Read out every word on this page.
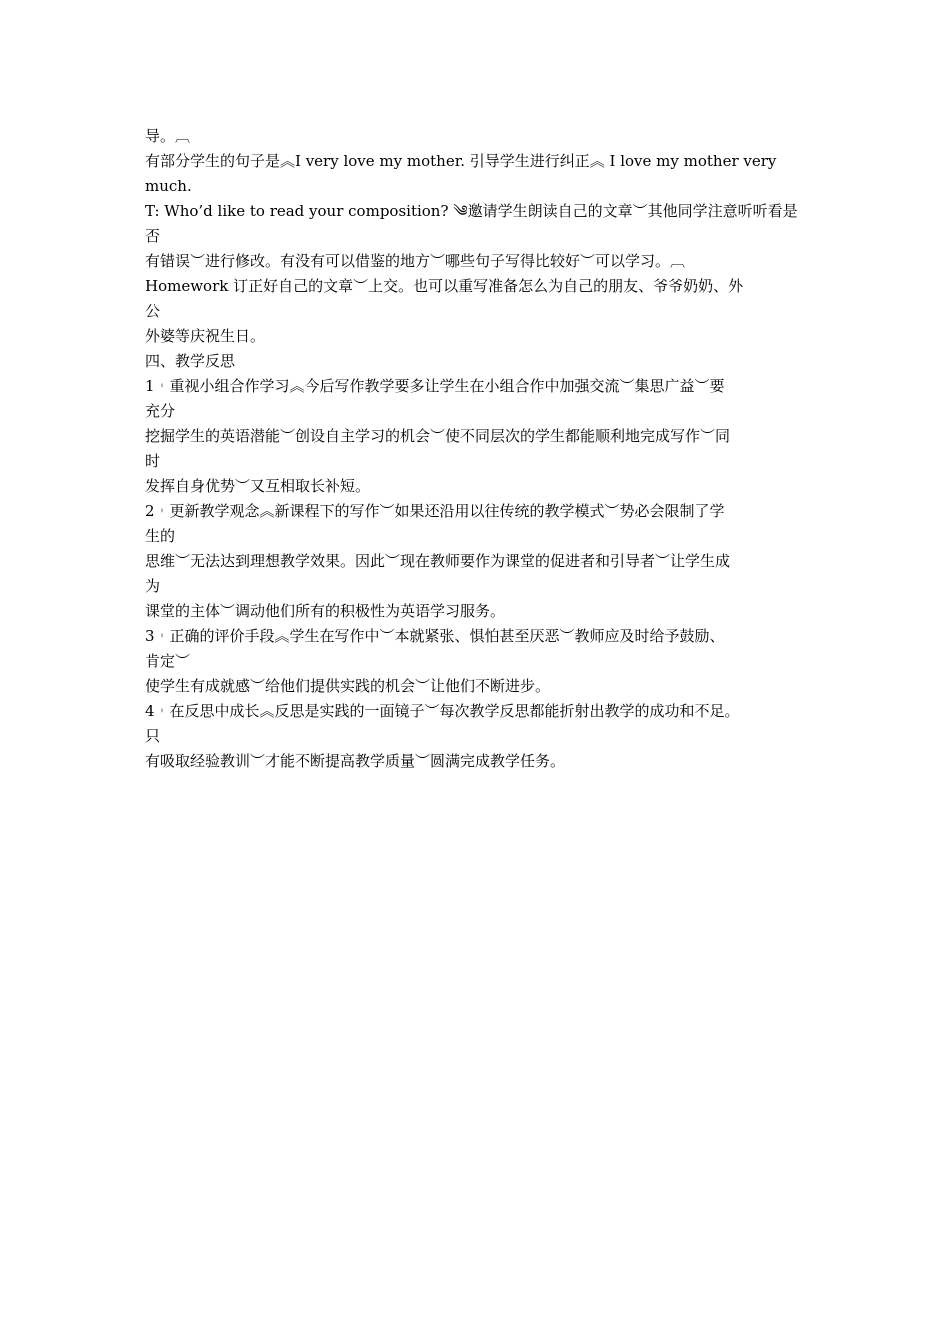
导。︹
有部分学生的句子是︽I very love my mother. 引导学生进行纠正︽ I love my mother very
much.
T: Who’d like to read your composition? ༄邀请学生朗读自己的文章︶其他同学注意听听看是
否
有错误︶进行修改。有没有可以借鉴的地方︶哪些句子写得比较好︶可以学习。︹
Homework 订正好自己的文章︶上交。也可以重写准备怎么为自己的朋友、爷爷奶奶、外
公
外婆等庆祝生日。
四、教学反思
1︲重视小组合作学习︽今后写作教学要多让学生在小组合作中加强交流︶集思广益︶要
充分
挖掘学生的英语潜能︶创设自主学习的机会︶使不同层次的学生都能顺利地完成写作︶同
时
发挥自身优势︶又互相取长补短。
2︲更新教学观念︽新课程下的写作︶如果还沿用以往传统的教学模式︶势必会限制了学
生的
思维︶无法达到理想教学效果。因此︶现在教师要作为课堂的促进者和引导者︶让学生成
为
课堂的主体︶调动他们所有的积极性为英语学习服务。
3︲正确的评价手段︽学生在写作中︶本就紧张、惧怕甚至厌恶︶教师应及时给予鼓励、
肯定︶
使学生有成就感︶给他们提供实践的机会︶让他们不断进步。
4︲在反思中成长︽反思是实践的一面镜子︶每次教学反思都能折射出教学的成功和不足。
只
有吸取经验教训︶才能不断提高教学质量︶圆满完成教学任务。
